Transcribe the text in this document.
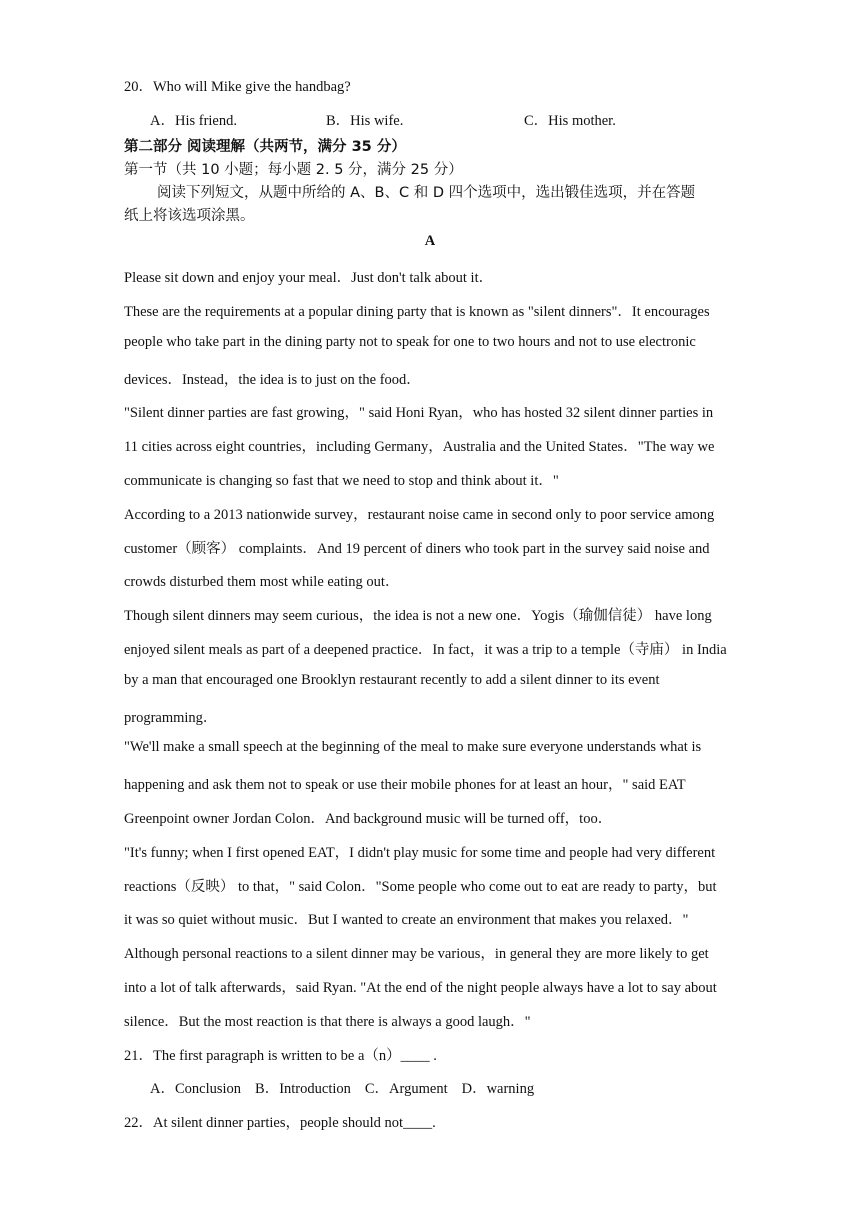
20．Who will Mike give the handbag?
A．His friend.	B．His wife.	C．His mother.
第二部分 阅读理解（共两节，满分 35 分）
第一节（共 10 小题；每小题 2. 5 分，满分 25 分）
阅读下列短文，从题中所给的 A、B、C 和 D 四个选项中，选出锻佳选项，并在答题
纸上将该选项涂黑。
A
Please sit down and enjoy your meal．Just don't talk about it．
These are the requirements at a popular dining party that is known as "silent dinners"．It encourages
people who take part in the dining party not to speak for one to two hours and not to use electronic
devices．Instead，the idea is to just on the food．
"Silent dinner parties are fast growing，" said Honi Ryan，who has hosted 32 silent dinner parties in
11 cities across eight countries，including Germany，Australia and the United States．"The way we
communicate is changing so fast that we need to stop and think about it．"
According to a 2013 nationwide survey，restaurant noise came in second only to poor service among
customer（顾客） complaints．And 19 percent of diners who took part in the survey said noise and
crowds disturbed them most while eating out．
Though silent dinners may seem curious，the idea is not a new one．Yogis（瑜伽信徒） have long
enjoyed silent meals as part of a deepened practice．In fact，it was a trip to a temple（寺庙） in India
by a man that encouraged one Brooklyn restaurant recently to add a silent dinner to its event
programming．
"We'll make a small speech at the beginning of the meal to make sure everyone understands what is
happening and ask them not to speak or use their mobile phones for at least an hour，" said EAT
Greenpoint owner Jordan Colon．And background music will be turned off，too．
"It's funny; when I first opened EAT，I didn't play music for some time and people had very different
reactions（反映） to that，" said Colon．"Some people who come out to eat are ready to party，but
it was so quiet without music．But I wanted to create an environment that makes you relaxed．"
Although personal reactions to a silent dinner may be various，in general they are more likely to get
into a lot of talk afterwards，said Ryan. "At the end of the night people always have a lot to say about
silence．But the most reaction is that there is always a good laugh．"
21．The first paragraph is written to be a（n）____ .
A．Conclusion B．Introduction C．Argument D．warning
22．At silent dinner parties，people should not____.
